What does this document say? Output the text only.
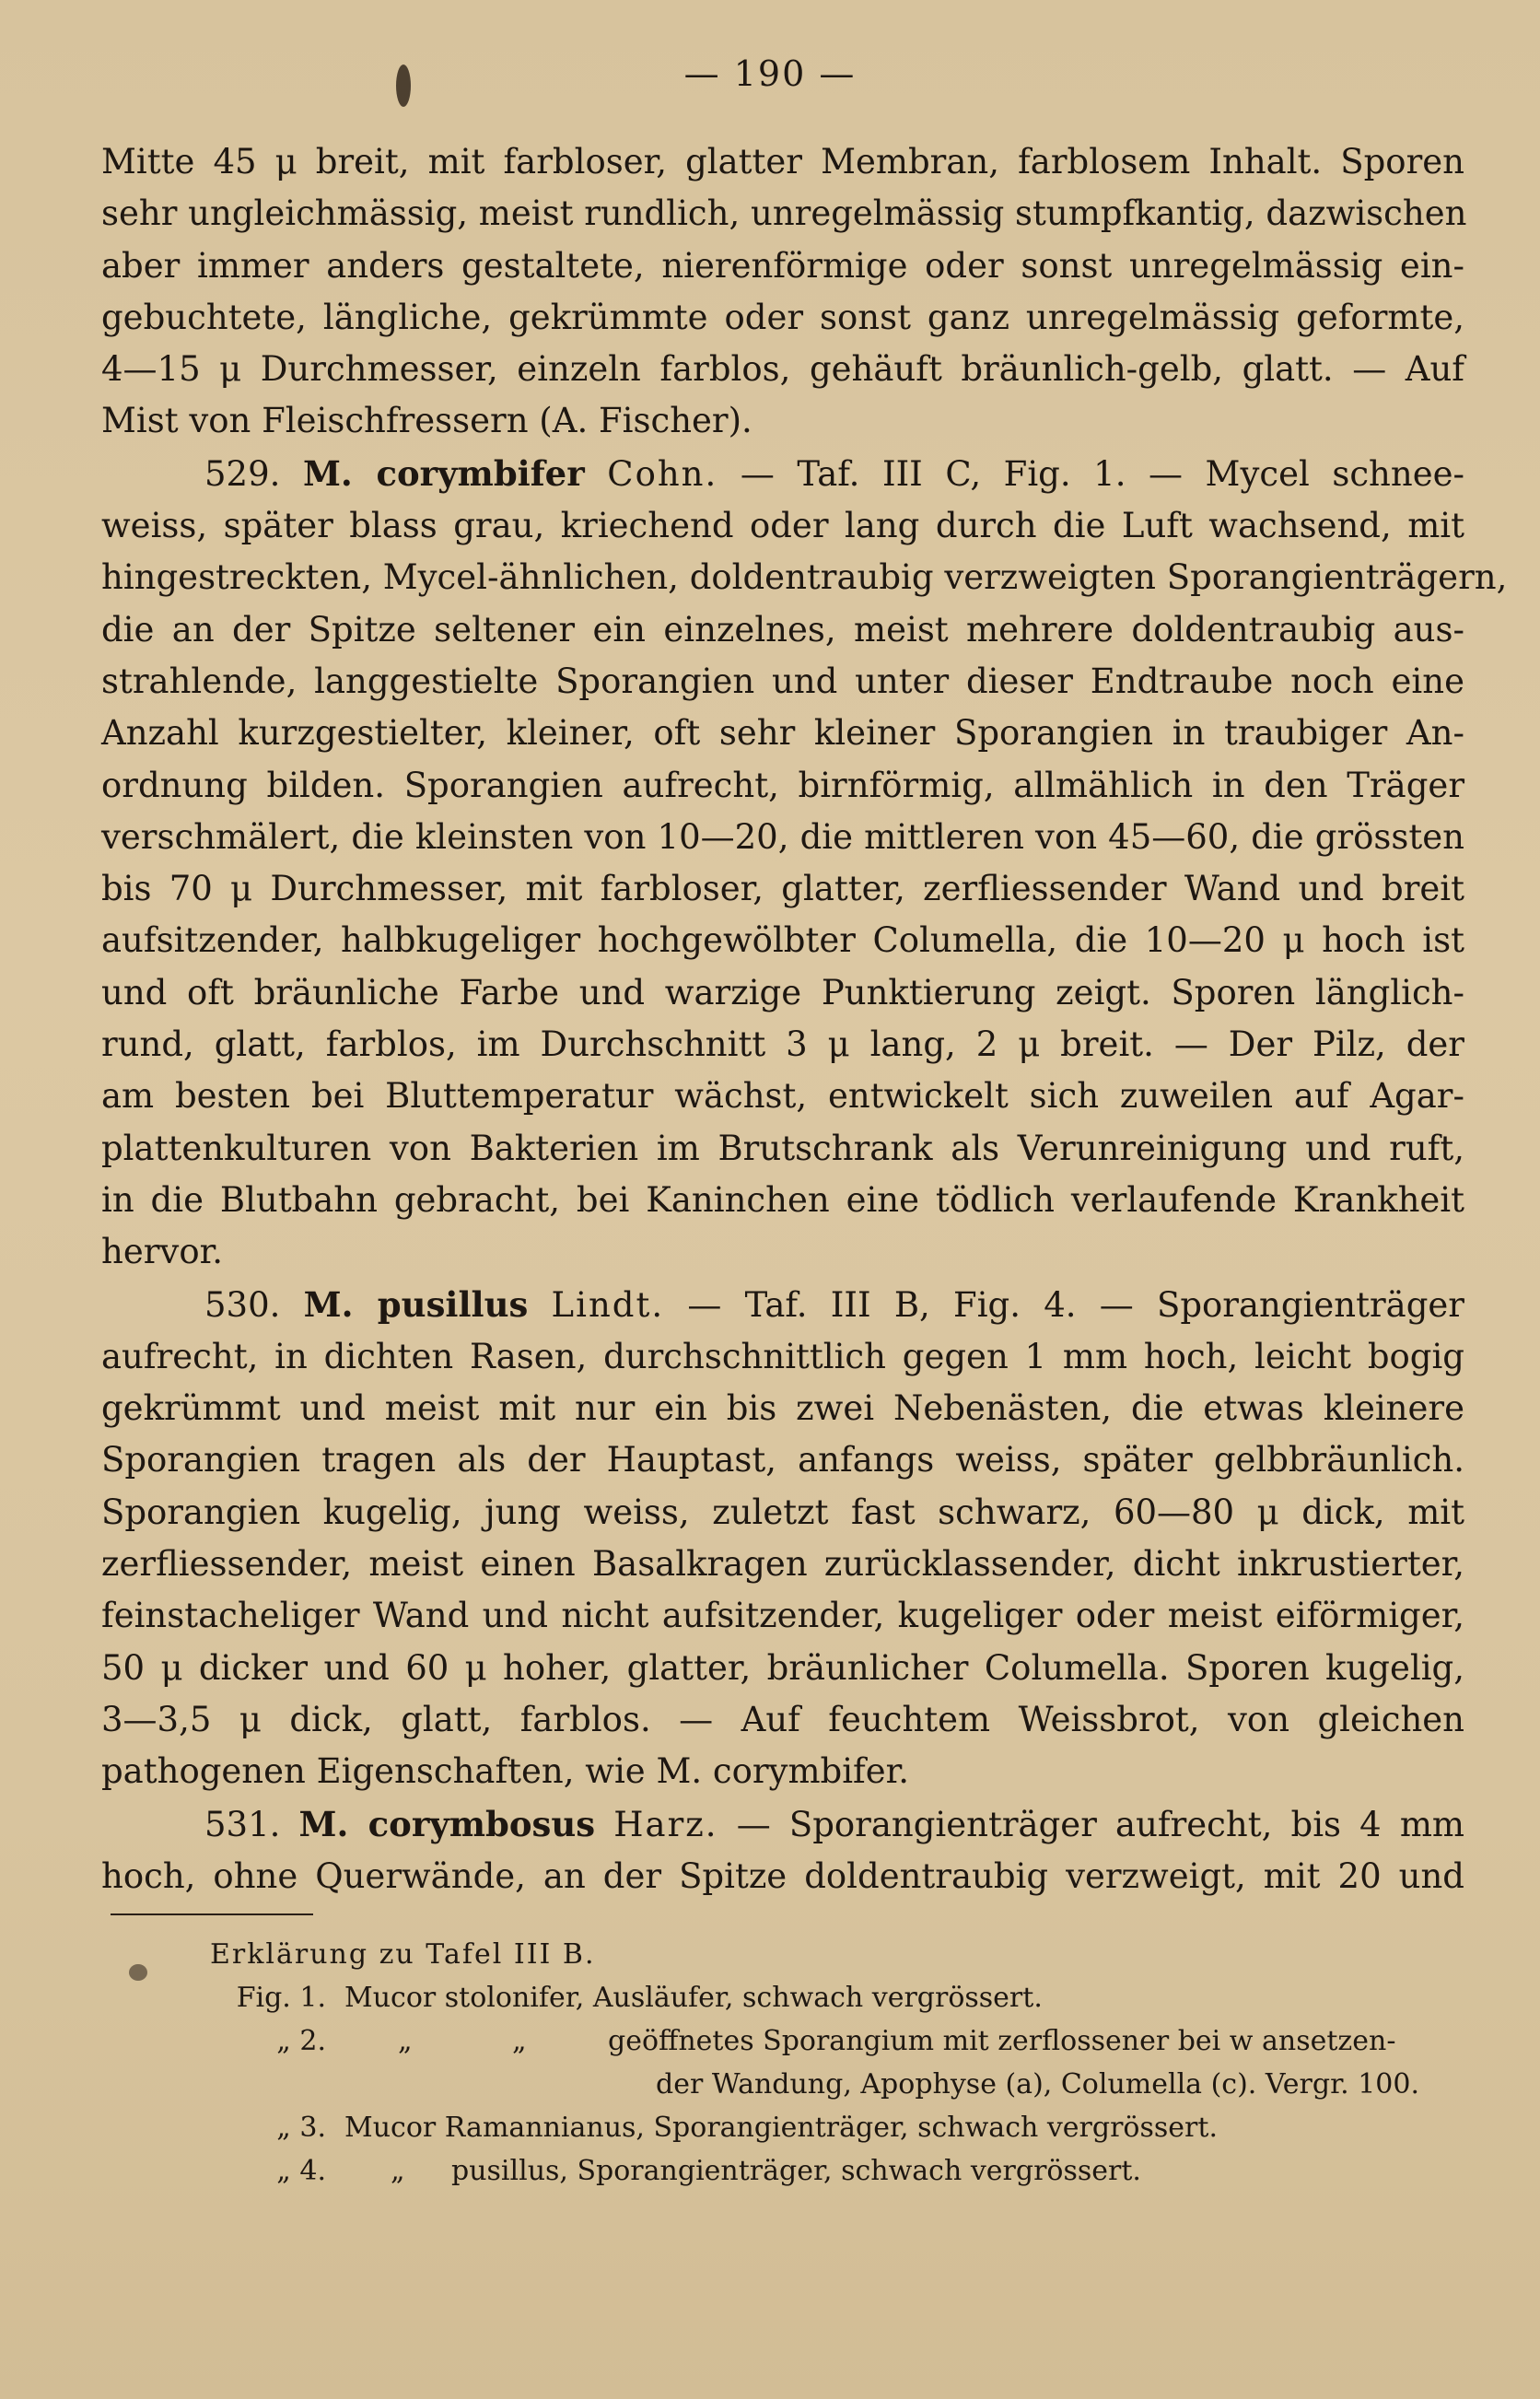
— 190 —
Mitte 45 μ breit, mit farbloser, glatter Membran, farblosem Inhalt. Sporen
sehr ungleichmässig, meist rundlich, unregelmässig stumpfkantig, dazwischen
aber immer anders gestaltete, nierenförmige oder sonst unregelmässig ein-
gebuchtete, längliche, gekrümmte oder sonst ganz unregelmässig geformte,
4—15 μ Durchmesser, einzeln farblos, gehäuft bräunlich-gelb, glatt. — Auf
Mist von Fleischfressern (A. Fischer).
529. M. corymbifer Cohn. — Taf. III C, Fig. 1. — Mycel schnee-
weiss, später blass grau, kriechend oder lang durch die Luft wachsend, mit
hingestreckten, Mycel-ähnlichen, doldentraubig verzweigten Sporangienträgern,
die an der Spitze seltener ein einzelnes, meist mehrere doldentraubig aus-
strahlende, langgestielte Sporangien und unter dieser Endtraube noch eine
Anzahl kurzgestielter, kleiner, oft sehr kleiner Sporangien in traubiger An-
ordnung bilden. Sporangien aufrecht, birnförmig, allmählich in den Träger
verschmälert, die kleinsten von 10—20, die mittleren von 45—60, die grössten
bis 70 μ Durchmesser, mit farbloser, glatter, zerfliessender Wand und breit
aufsitzender, halbkugeliger hochgewölbter Columella, die 10—20 μ hoch ist
und oft bräunliche Farbe und warzige Punktierung zeigt. Sporen länglich-
rund, glatt, farblos, im Durchschnitt 3 μ lang, 2 μ breit. — Der Pilz, der
am besten bei Bluttemperatur wächst, entwickelt sich zuweilen auf Agar-
plattenkulturen von Bakterien im Brutschrank als Verunreinigung und ruft,
in die Blutbahn gebracht, bei Kaninchen eine tödlich verlaufende Krankheit
hervor.
530. M. pusillus Lindt. — Taf. III B, Fig. 4. — Sporangienträger
aufrecht, in dichten Rasen, durchschnittlich gegen 1 mm hoch, leicht bogig
gekrümmt und meist mit nur ein bis zwei Nebenästen, die etwas kleinere
Sporangien tragen als der Hauptast, anfangs weiss, später gelbbräunlich.
Sporangien kugelig, jung weiss, zuletzt fast schwarz, 60—80 μ dick, mit
zerfliessender, meist einen Basalkragen zurücklassender, dicht inkrustierter,
feinstacheliger Wand und nicht aufsitzender, kugeliger oder meist eiförmiger,
50 μ dicker und 60 μ hoher, glatter, bräunlicher Columella. Sporen kugelig,
3—3,5 μ dick, glatt, farblos. — Auf feuchtem Weissbrot, von gleichen
pathogenen Eigenschaften, wie M. corymbifer.
531. M. corymbosus Harz. — Sporangienträger aufrecht, bis 4 mm
hoch, ohne Querwände, an der Spitze doldentraubig verzweigt, mit 20 und
Erklärung zu Tafel III B.
Fig. 1. Mucor stolonifer, Ausläufer, schwach vergrössert.
„ 2.	„	„	geöffnetes Sporangium mit zerflossener bei w ansetzen-
der Wandung, Apophyse (a), Columella (c). Vergr. 100.
„ 3. Mucor Ramannianus, Sporangienträger, schwach vergrössert.
„ 4. „ pusillus, Sporangienträger, schwach vergrössert.
